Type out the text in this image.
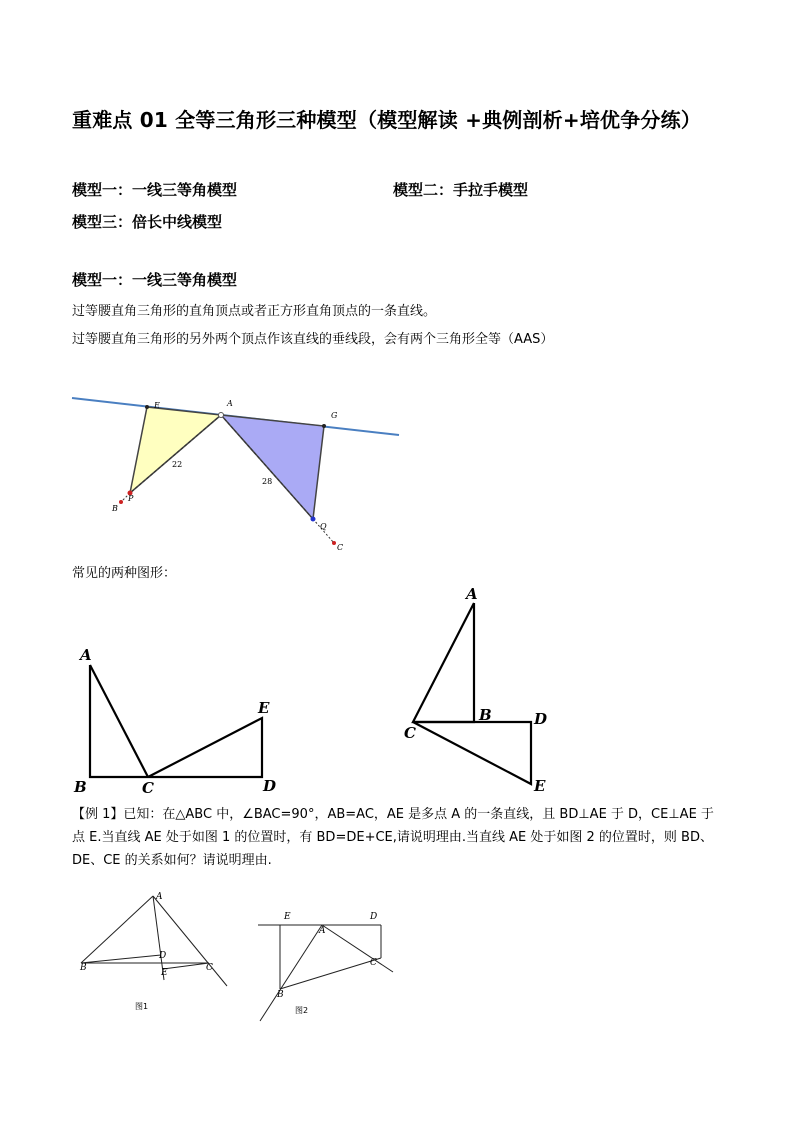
重难点 01 全等三角形三种模型（模型解读 +典例剖析+培优争分练）
模型一：一线三等角模型	模型二：手拉手模型
模型三：倍长中线模型
模型一：一线三等角模型
过等腰直角三角形的直角顶点或者正方形直角顶点的一条直线。
过等腰直角三角形的另外两个顶点作该直线的垂线段，会有两个三角形全等（AAS）
E	A
G
P
B
Q
C
22
28
常见的两种图形：
A
B	C	D
E
A
B
C
D
E
【例 1】已知：在△ABC 中，∠BAC=90°，AB=AC，AE 是多点 A 的一条直线，且 BD⊥AE 于 D，CE⊥AE 于点 E.当直线 AE 处于如图 1 的位置时，有 BD=DE+CE,请说明理由.当直线 AE 处于如图 2 的位置时，则 BD、DE、CE 的关系如何？请说明理由.
A
B	C
D
E
图1
E	D
A
C
B
图2
